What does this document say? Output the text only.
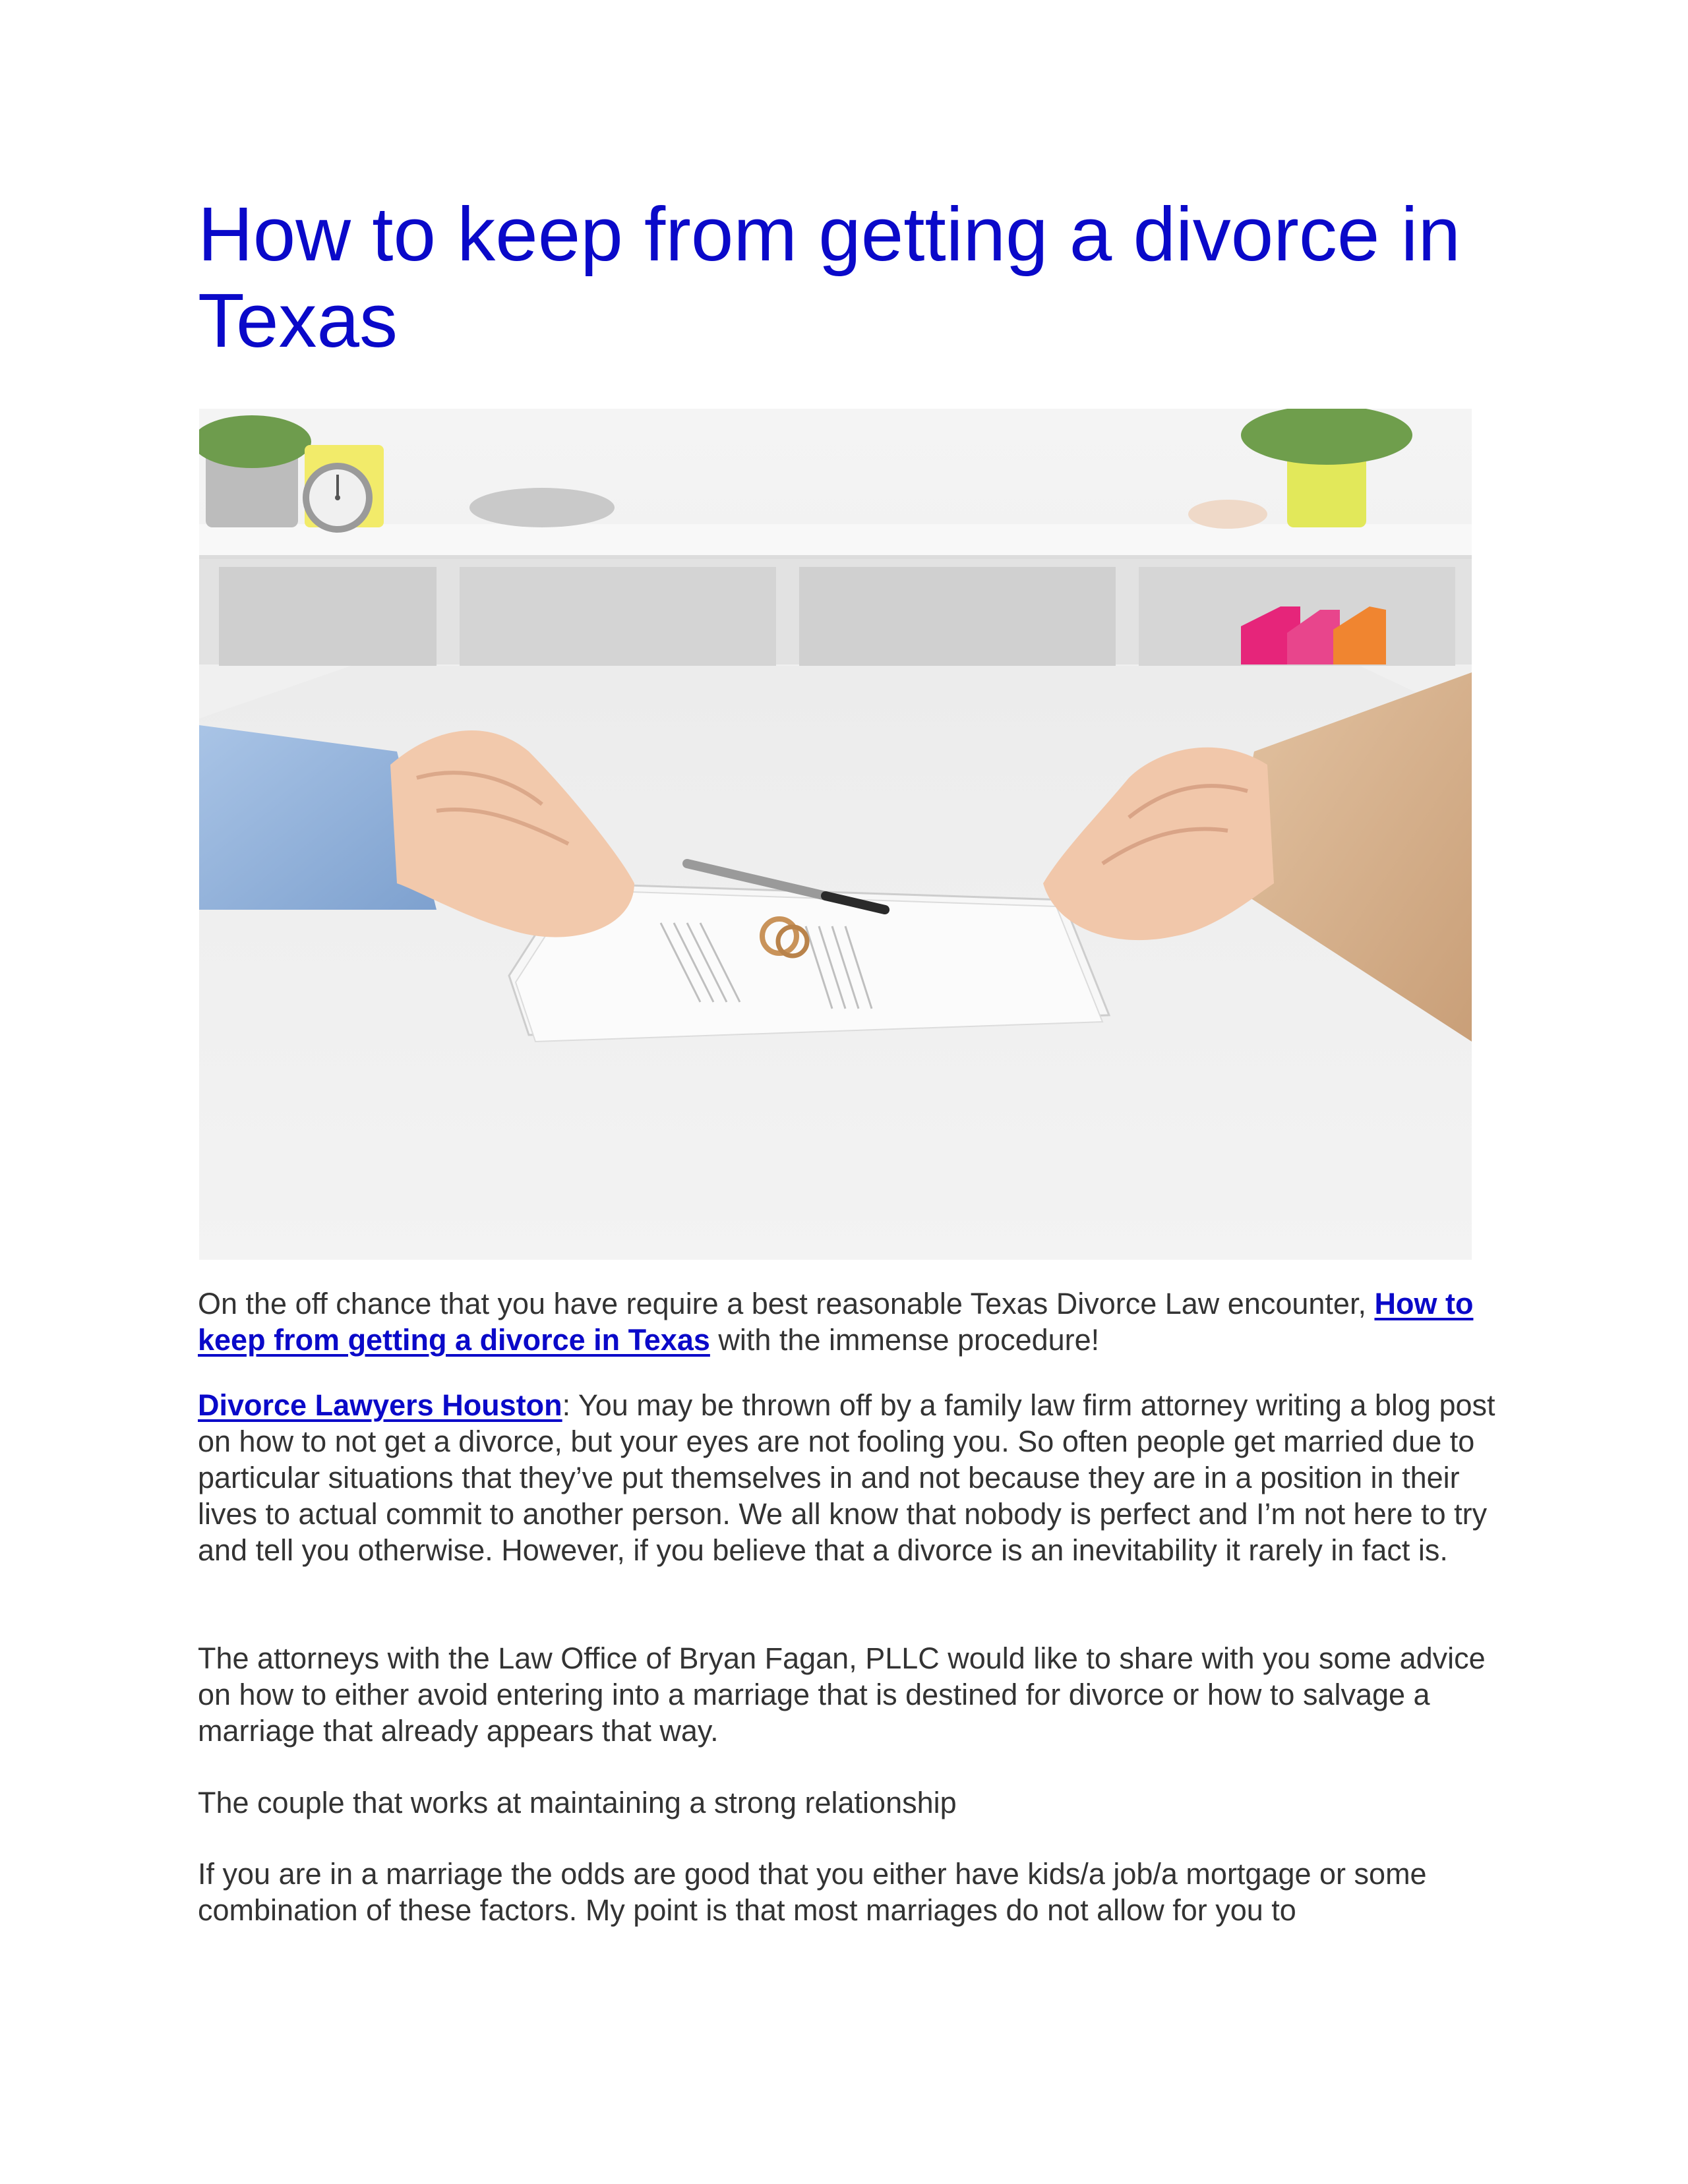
How to keep from getting a divorce in Texas

On the off chance that you have require a best reasonable Texas Divorce Law encounter, How to keep from getting a divorce in Texas with the immense procedure!

Divorce Lawyers Houston: You may be thrown off by a family law firm attorney writing a blog post on how to not get a divorce, but your eyes are not fooling you. So often people get married due to particular situations that they’ve put themselves in and not because they are in a position in their lives to actual commit to another person. We all know that nobody is perfect and I’m not here to try and tell you otherwise. However, if you believe that a divorce is an inevitability it rarely in fact is.

The attorneys with the Law Office of Bryan Fagan, PLLC would like to share with you some advice on how to either avoid entering into a marriage that is destined for divorce or how to salvage a marriage that already appears that way.

The couple that works at maintaining a strong relationship

If you are in a marriage the odds are good that you either have kids/a job/a mortgage or some combination of these factors. My point is that most marriages do not allow for you to
